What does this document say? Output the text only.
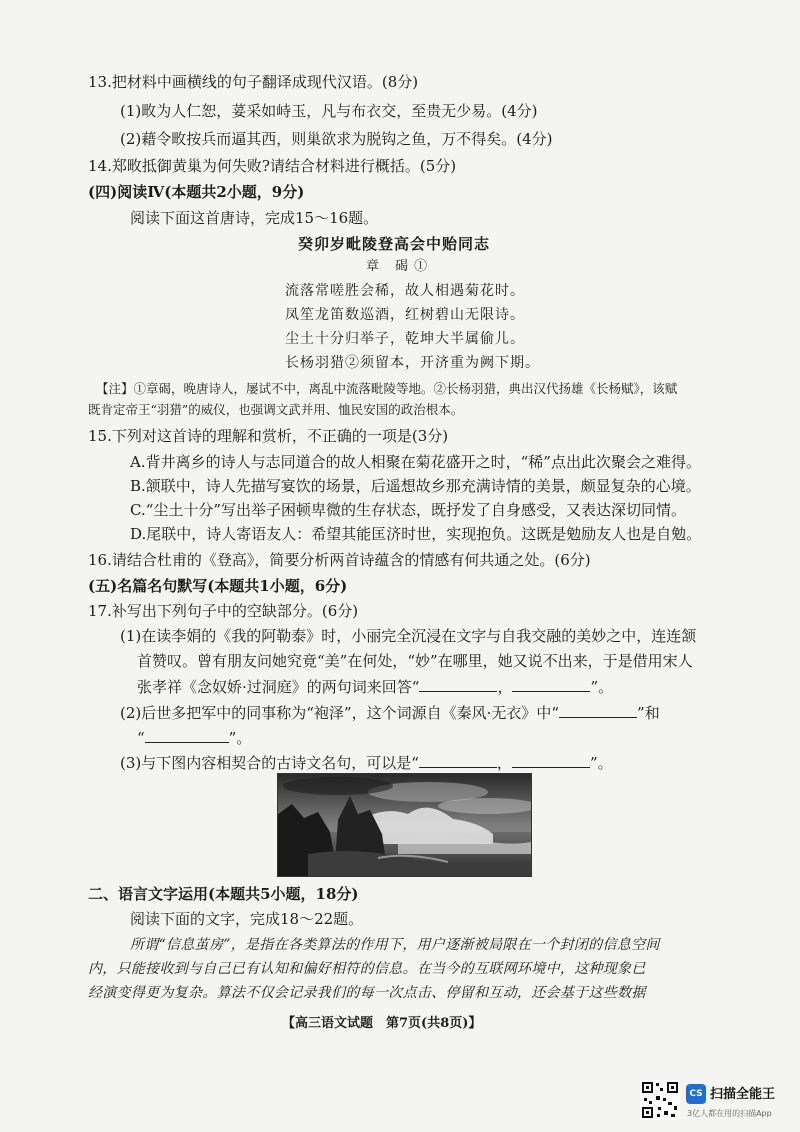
13.把材料中画横线的句子翻译成现代汉语。(8分)
(1)畋为人仁恕，荽采如峙玉，凡与布衣交，至贵无少易。(4分)
(2)藉令畋按兵而逼其西，则巢欲求为脱钩之鱼，万不得矣。(4分)
14.郑畋抵御黄巢为何失败?请结合材料进行概括。(5分)
(四)阅读Ⅳ(本题共2小题，9分)
阅读下面这首唐诗，完成15～16题。
癸卯岁毗陵登高会中贻同志
章 碣①
流落常嗟胜会稀，故人相遇菊花时。
凤笙龙笛数巡酒，红树碧山无限诗。
尘土十分归举子，乾坤大半属偷儿。
长杨羽猎②须留本，开济重为阙下期。
【注】①章碣，晚唐诗人，屡试不中，离乱中流落毗陵等地。②长杨羽猎，典出汉代扬雄《长杨赋》，该赋
既肯定帝王“羽猎”的威仪，也强调文武并用、恤民安国的政治根本。
15.下列对这首诗的理解和赏析，不正确的一项是(3分)
A.背井离乡的诗人与志同道合的故人相聚在菊花盛开之时，“稀”点出此次聚会之难得。
B.颔联中，诗人先描写宴饮的场景，后遥想故乡那充满诗情的美景，颇显复杂的心境。
C.“尘土十分”写出举子困顿卑微的生存状态，既抒发了自身感受，又表达深切同情。
D.尾联中，诗人寄语友人：希望其能匡济时世，实现抱负。这既是勉励友人也是自勉。
16.请结合杜甫的《登高》，简要分析两首诗蕴含的情感有何共通之处。(6分)
(五)名篇名句默写(本题共1小题，6分)
17.补写出下列句子中的空缺部分。(6分)
(1)在读李娟的《我的阿勒泰》时，小丽完全沉浸在文字与自我交融的美妙之中，连连颔
首赞叹。曾有朋友问她究竟“美”在何处，“妙”在哪里，她又说不出来，于是借用宋人
张孝祥《念奴娇·过洞庭》的两句词来回答“	，	”。
(2)后世多把军中的同事称为“袍泽”，这个词源自《秦风·无衣》中“	”和
“	”。
(3)与下图内容相契合的古诗文名句，可以是“	，	”。
二、语言文字运用(本题共5小题，18分)
阅读下面的文字，完成18～22题。
所谓“信息茧房”，是指在各类算法的作用下，用户逐渐被局限在一个封闭的信息空间
内，只能接收到与自己已有认知和偏好相符的信息。在当今的互联网环境中，这种现象已
经演变得更为复杂。算法不仅会记录我们的每一次点击、停留和互动，还会基于这些数据
【高三语文试题　第7页(共8页)】
CS 扫描全能王
3亿人都在用的扫描App
